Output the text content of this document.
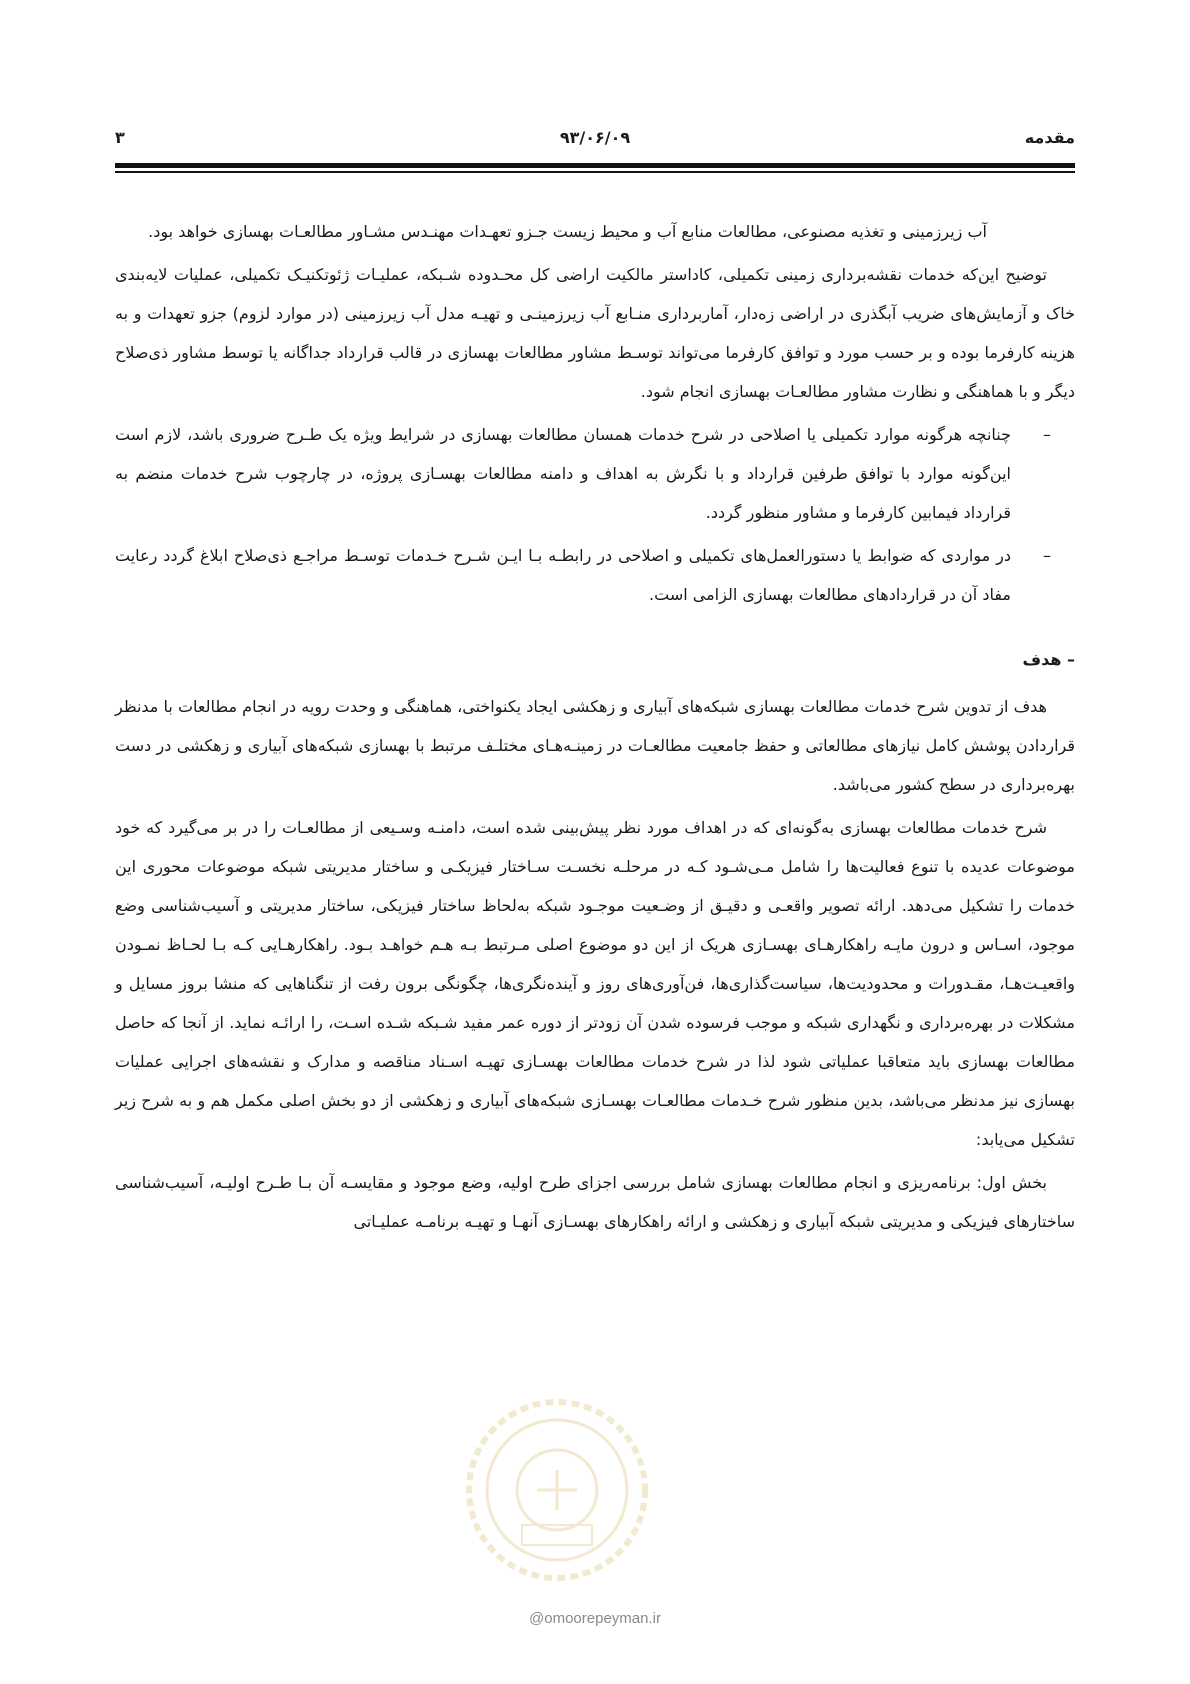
مقدمه
۹۳/۰۶/۰۹
۳

آب زیرزمینی و تغذیه مصنوعی، مطالعات منابع آب و محیط زیست جـزو تعهـدات مهنـدس مشـاور مطالعـات بهسازی خواهد بود.

توضیح این‌که خدمات نقشه‌برداری زمینی تکمیلی، کاداستر مالکیت اراضی کل محـدوده شـبکه، عملیـات ژئوتکنیـک تکمیلی، عملیات لایه‌بندی خاک و آزمایش‌های ضریب آبگذری در اراضی زه‌دار، آماربرداری منـابع آب زیرزمینـی و تهیـه مدل آب زیرزمینی (در موارد لزوم) جزو تعهدات و به هزینه کارفرما بوده و بر حسب مورد و توافق کارفرما می‌تواند توسـط مشاور مطالعات بهسازی در قالب قرارداد جداگانه یا توسط مشاور ذی‌صلاح دیگر و با هماهنگی و نظارت مشاور مطالعـات بهسازی انجام شود.

–
چنانچه هرگونه موارد تکمیلی یا اصلاحی در شرح خدمات همسان مطالعات بهسازی در شرایط ویژه یک طـرح ضروری باشد، لازم است این‌گونه موارد با توافق طرفین قرارداد و با نگرش به اهداف و دامنه مطالعات بهسـازی پروژه، در چارچوب شرح خدمات منضم به قرارداد فیمابین کارفرما و مشاور منظور گردد.
–
در مواردی که ضوابط یا دستورالعمل‌های تکمیلی و اصلاحی در رابطـه بـا ایـن شـرح خـدمات توسـط مراجـع ذی‌صلاح ابلاغ گردد رعایت مفاد آن در قراردادهای مطالعات بهسازی الزامی است.

– هدف

هدف از تدوین شرح خدمات مطالعات بهسازی شبکه‌های آبیاری و زهکشی ایجاد یکنواختی، هماهنگی و وحدت رویه در انجام مطالعات با مدنظر قراردادن پوشش کامل نیازهای مطالعاتی و حفظ جامعیت مطالعـات در زمینـه‌هـای مختلـف مرتبط با بهسازی شبکه‌های آبیاری و زهکشی در دست بهره‌برداری در سطح کشور می‌باشد.

شرح خدمات مطالعات بهسازی به‌گونه‌ای که در اهداف مورد نظر پیش‌بینی شده است، دامنـه وسـیعی از مطالعـات را در بر می‌گیرد که خود موضوعات عدیده با تنوع فعالیت‌ها را شامل مـی‌شـود کـه در مرحلـه نخسـت سـاختار فیزیکـی و ساختار مدیریتی شبکه موضوعات محوری این خدمات را تشکیل می‌دهد. ارائه تصویر واقعـی و دقیـق از وضـعیت موجـود شبکه به‌لحاظ ساختار فیزیکی، ساختار مدیریتی و آسیب‌شناسی وضع موجود، اسـاس و درون مایـه راهکارهـای بهسـازی هریک از این دو موضوع اصلی مـرتبط بـه هـم خواهـد بـود. راهکارهـایی کـه بـا لحـاظ نمـودن واقعیـت‌هـا، مقـدورات و محدودیت‌ها، سیاست‌گذاری‌ها، فن‌آوری‌های روز و آینده‌نگری‌ها، چگونگی برون رفت از تنگناهایی که منشا بروز مسایل و مشکلات در بهره‌برداری و نگهداری شبکه و موجب فرسوده شدن آن زودتر از دوره عمر مفید شـبکه شـده اسـت، را ارائـه نماید. از آنجا که حاصل مطالعات بهسازی باید متعاقبا عملیاتی شود لذا در شرح خدمات مطالعات بهسـازی تهیـه اسـناد مناقصه و مدارک و نقشه‌های اجرایی عملیات بهسازی نیز مدنظر می‌باشد، بدین منظور شرح خـدمات مطالعـات بهسـازی شبکه‌های آبیاری و زهکشی از دو بخش اصلی مکمل هم و به شرح زیر تشکیل می‌یابد:

بخش اول: برنامه‌ریزی و انجام مطالعات بهسازی شامل بررسی اجزای طرح اولیه، وضع موجود و مقایسـه آن بـا طـرح اولیـه، آسیب‌شناسی ساختارهای فیزیکی و مدیریتی شبکه آبیاری و زهکشی و ارائه راهکارهای بهسـازی آنهـا و تهیـه برنامـه عملیـاتی

@omoorepeyman.ir
